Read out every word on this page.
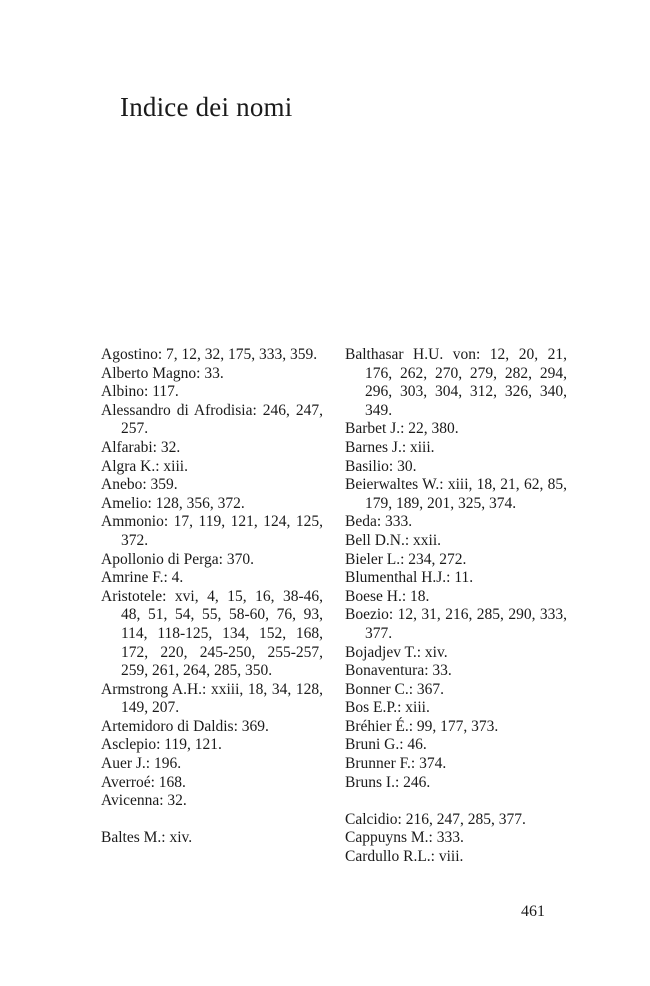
Indice dei nomi
Agostino: 7, 12, 32, 175, 333, 359.
Alberto Magno: 33.
Albino: 117.
Alessandro di Afrodisia: 246, 247, 257.
Alfarabi: 32.
Algra K.: xiii.
Anebo: 359.
Amelio: 128, 356, 372.
Ammonio: 17, 119, 121, 124, 125, 372.
Apollonio di Perga: 370.
Amrine F.: 4.
Aristotele: xvi, 4, 15, 16, 38-46, 48, 51, 54, 55, 58-60, 76, 93, 114, 118-125, 134, 152, 168, 172, 220, 245-250, 255-257, 259, 261, 264, 285, 350.
Armstrong A.H.: xxiii, 18, 34, 128, 149, 207.
Artemidoro di Daldis: 369.
Asclepio: 119, 121.
Auer J.: 196.
Averroé: 168.
Avicenna: 32.
Baltes M.: xiv.
Balthasar H.U. von: 12, 20, 21, 176, 262, 270, 279, 282, 294, 296, 303, 304, 312, 326, 340, 349.
Barbet J.: 22, 380.
Barnes J.: xiii.
Basilio: 30.
Beierwaltes W.: xiii, 18, 21, 62, 85, 179, 189, 201, 325, 374.
Beda: 333.
Bell D.N.: xxii.
Bieler L.: 234, 272.
Blumenthal H.J.: 11.
Boese H.: 18.
Boezio: 12, 31, 216, 285, 290, 333, 377.
Bojadjev T.: xiv.
Bonaventura: 33.
Bonner C.: 367.
Bos E.P.: xiii.
Bréhier É.: 99, 177, 373.
Bruni G.: 46.
Brunner F.: 374.
Bruns I.: 246.
Calcidio: 216, 247, 285, 377.
Cappuyns M.: 333.
Cardullo R.L.: viii.
461
